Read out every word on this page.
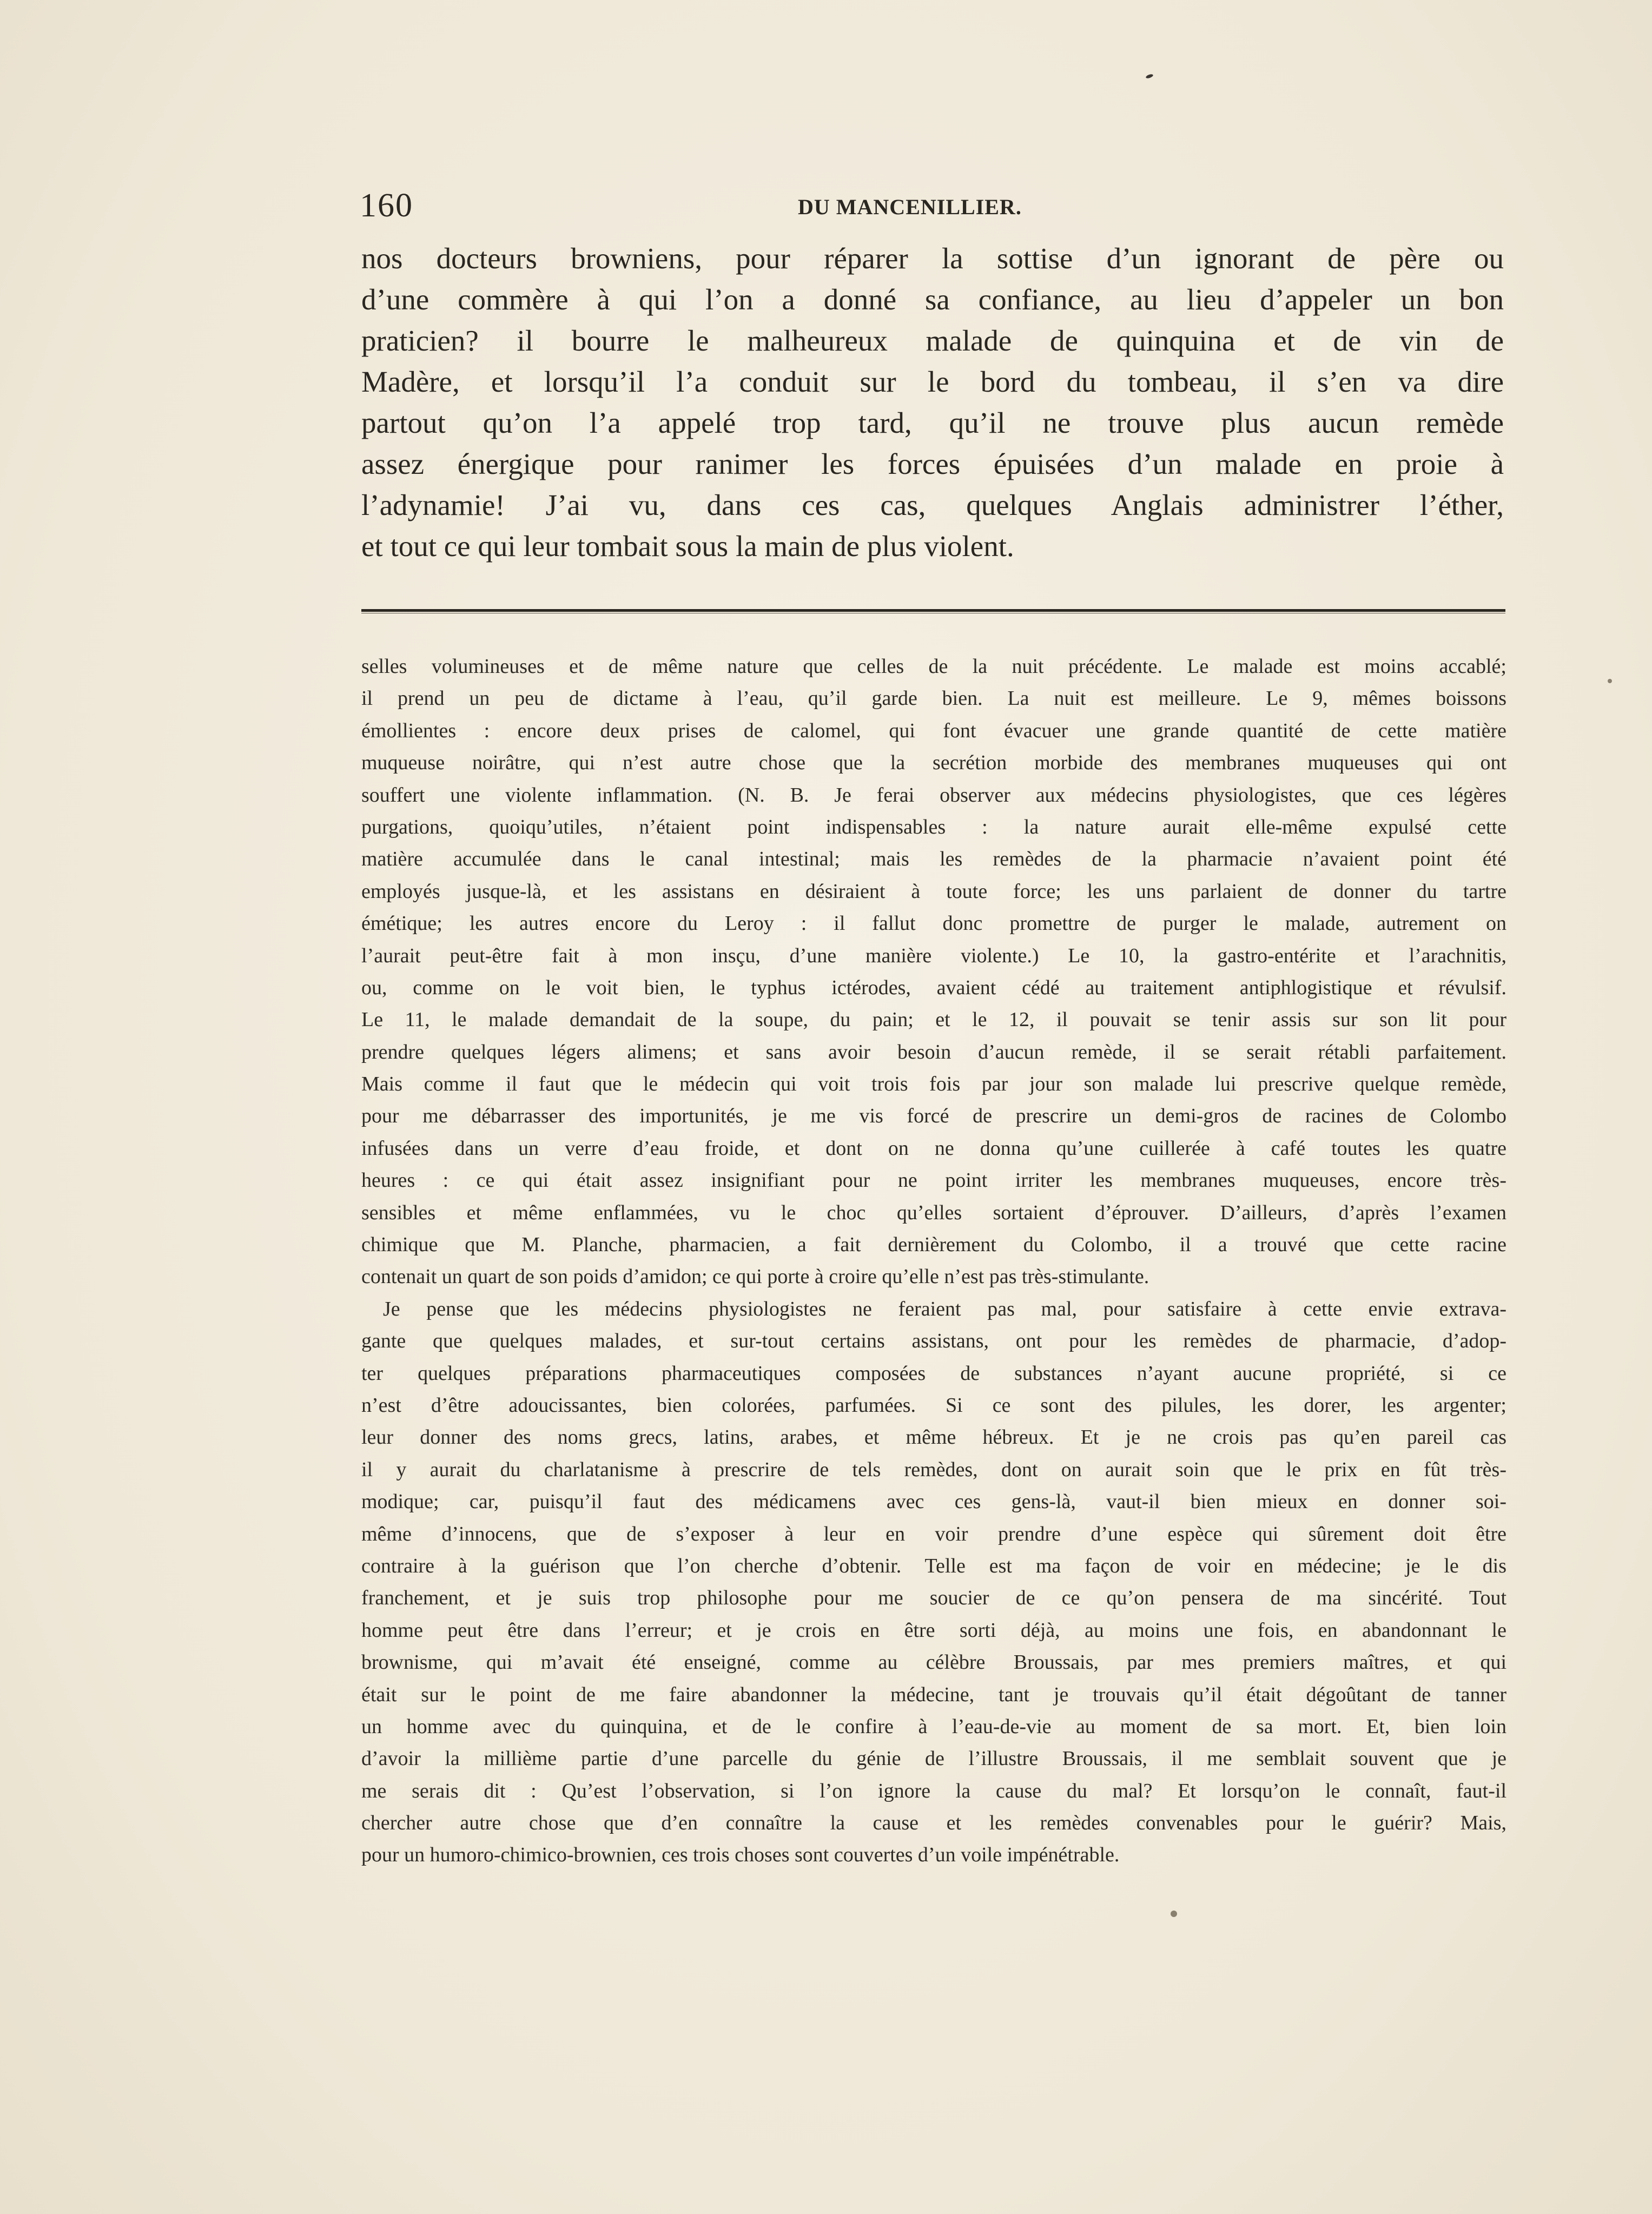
160	DU MANCENILLIER.
nos docteurs browniens, pour réparer la sottise d’un ignorant de père ou
d’une commère à qui l’on a donné sa confiance, au lieu d’appeler un bon
praticien? il bourre le malheureux malade de quinquina et de vin de
Madère, et lorsqu’il l’a conduit sur le bord du tombeau, il s’en va dire
partout qu’on l’a appelé trop tard, qu’il ne trouve plus aucun remède
assez énergique pour ranimer les forces épuisées d’un malade en proie à
l’adynamie! J’ai vu, dans ces cas, quelques Anglais administrer l’éther,
et tout ce qui leur tombait sous la main de plus violent.
selles volumineuses et de même nature que celles de la nuit précédente. Le malade est moins accablé;
il prend un peu de dictame à l’eau, qu’il garde bien. La nuit est meilleure. Le 9, mêmes boissons
émollientes : encore deux prises de calomel, qui font évacuer une grande quantité de cette matière
muqueuse noirâtre, qui n’est autre chose que la secrétion morbide des membranes muqueuses qui ont
souffert une violente inflammation. (N. B. Je ferai observer aux médecins physiologistes, que ces légères
purgations, quoiqu’utiles, n’étaient point indispensables : la nature aurait elle-même expulsé cette
matière accumulée dans le canal intestinal; mais les remèdes de la pharmacie n’avaient point été
employés jusque-là, et les assistans en désiraient à toute force; les uns parlaient de donner du tartre
émétique; les autres encore du Leroy : il fallut donc promettre de purger le malade, autrement on
l’aurait peut-être fait à mon insçu, d’une manière violente.) Le 10, la gastro-entérite et l’arachnitis,
ou, comme on le voit bien, le typhus ictérodes, avaient cédé au traitement antiphlogistique et révulsif.
Le 11, le malade demandait de la soupe, du pain; et le 12, il pouvait se tenir assis sur son lit pour
prendre quelques légers alimens; et sans avoir besoin d’aucun remède, il se serait rétabli parfaitement.
Mais comme il faut que le médecin qui voit trois fois par jour son malade lui prescrive quelque remède,
pour me débarrasser des importunités, je me vis forcé de prescrire un demi-gros de racines de Colombo
infusées dans un verre d’eau froide, et dont on ne donna qu’une cuillerée à café toutes les quatre
heures : ce qui était assez insignifiant pour ne point irriter les membranes muqueuses, encore très-
sensibles et même enflammées, vu le choc qu’elles sortaient d’éprouver. D’ailleurs, d’après l’examen
chimique que M. Planche, pharmacien, a fait dernièrement du Colombo, il a trouvé que cette racine
contenait un quart de son poids d’amidon; ce qui porte à croire qu’elle n’est pas très-stimulante.
Je pense que les médecins physiologistes ne feraient pas mal, pour satisfaire à cette envie extrava-
gante que quelques malades, et sur-tout certains assistans, ont pour les remèdes de pharmacie, d’adop-
ter quelques préparations pharmaceutiques composées de substances n’ayant aucune propriété, si ce
n’est d’être adoucissantes, bien colorées, parfumées. Si ce sont des pilules, les dorer, les argenter;
leur donner des noms grecs, latins, arabes, et même hébreux. Et je ne crois pas qu’en pareil cas
il y aurait du charlatanisme à prescrire de tels remèdes, dont on aurait soin que le prix en fût très-
modique; car, puisqu’il faut des médicamens avec ces gens-là, vaut-il bien mieux en donner soi-
même d’innocens, que de s’exposer à leur en voir prendre d’une espèce qui sûrement doit être
contraire à la guérison que l’on cherche d’obtenir. Telle est ma façon de voir en médecine; je le dis
franchement, et je suis trop philosophe pour me soucier de ce qu’on pensera de ma sincérité. Tout
homme peut être dans l’erreur; et je crois en être sorti déjà, au moins une fois, en abandonnant le
brownisme, qui m’avait été enseigné, comme au célèbre Broussais, par mes premiers maîtres, et qui
était sur le point de me faire abandonner la médecine, tant je trouvais qu’il était dégoûtant de tanner
un homme avec du quinquina, et de le confire à l’eau-de-vie au moment de sa mort. Et, bien loin
d’avoir la millième partie d’une parcelle du génie de l’illustre Broussais, il me semblait souvent que je
me serais dit : Qu’est l’observation, si l’on ignore la cause du mal? Et lorsqu’on le connaît, faut-il
chercher autre chose que d’en connaître la cause et les remèdes convenables pour le guérir? Mais,
pour un humoro-chimico-brownien, ces trois choses sont couvertes d’un voile impénétrable.
